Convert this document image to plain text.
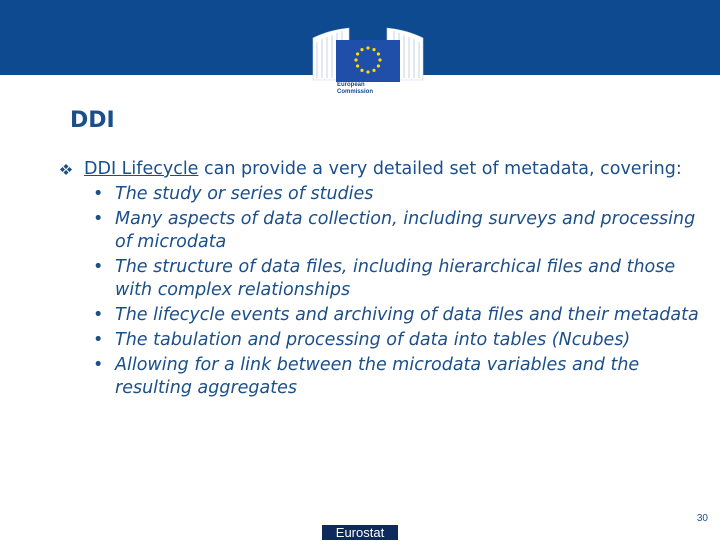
European
Commission
DDI
DDI Lifecycle can provide a very detailed set of metadata, covering:
• The study or series of studies
• Many aspects of data collection, including surveys and processing of microdata
• The structure of data files, including hierarchical files and those with complex relationships
• The lifecycle events and archiving of data files and their metadata
• The tabulation and processing of data into tables (Ncubes)
• Allowing for a link between the microdata variables and the resulting aggregates
30
Eurostat
